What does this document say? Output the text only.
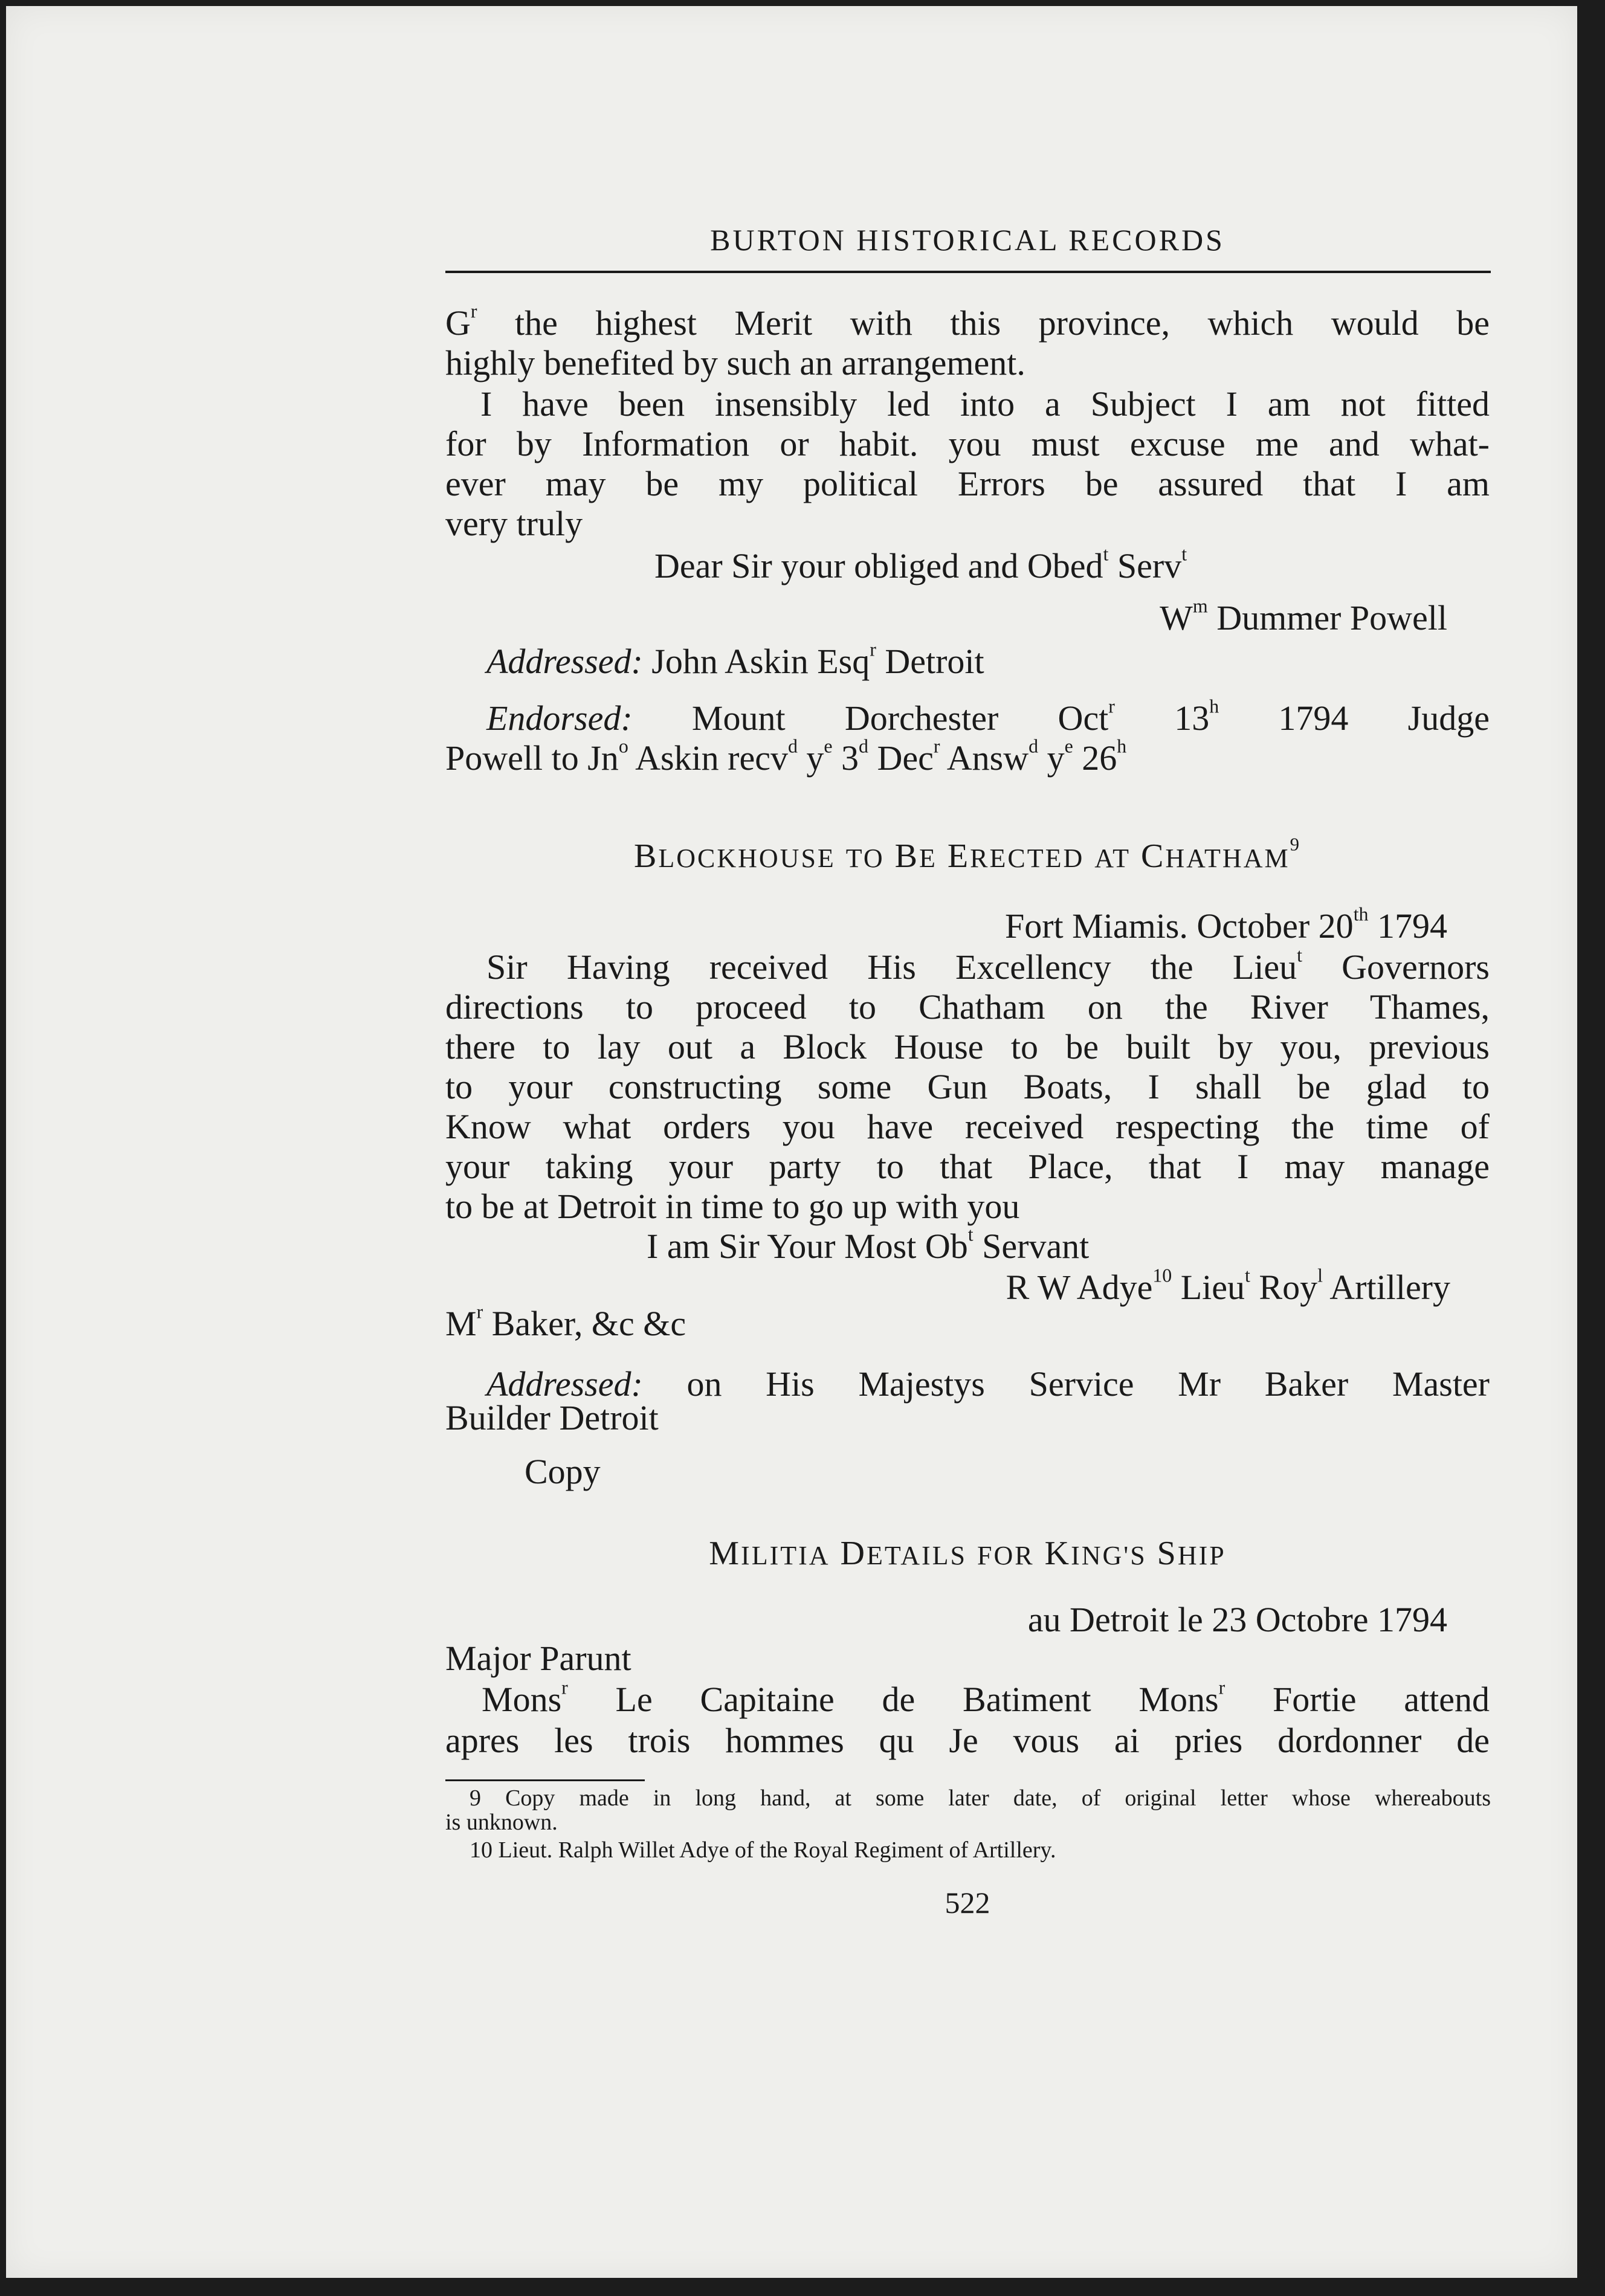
BURTON HISTORICAL RECORDS
$G^r$ the highest Merit with this province, which would be
highly benefited by such an arrangement.
I have been insensibly led into a Subject I am not fitted
for by Information or habit. you must excuse me and what-
ever may be my political Errors be assured that I am
very truly
Dear Sir your obliged and Obed$^t$ Serv$^t$
$W^m$ Dummer Powell
Addressed: John Askin Esq$^r$ Detroit
Endorsed: Mount Dorchester Oct$^r$ 13$^h$ 1794 Judge
Powell to Jn$^o$ Askin recv$^d$ $y^e$ 3$^d$ Dec$^r$ Answ$^d$ $y^e$ 26$^h$
BLOCKHOUSE TO BE ERECTED AT CHATHAM$^9$
Fort Miamis. October 20th 1794
Sir Having received His Excellency the Lieu$^t$ Governors
directions to proceed to Chatham on the River Thames,
there to lay out a Block House to be built by you, previous
to your constructing some Gun Boats, I shall be glad to
Know what orders you have received respecting the time of
your taking your party to that Place, that I may manage
to be at Detroit in time to go up with you
I am Sir Your Most Ob$^t$ Servant
R W Adye$^{10}$ Lieu$^t$ Roy$^l$ Artillery
$M^r$ Baker, &c &c
Addressed: on His Majestys Service Mr Baker Master
Builder Detroit
Copy
MILITIA DETAILS FOR KING'S SHIP
au Detroit le 23 Octobre 1794
Major Parunt
Mons$^r$ Le Capitaine de Batiment Mons$^r$ Fortie attend
apres les trois hommes qu Je vous ai pries dordonner de
9 Copy made in long hand, at some later date, of original letter whose whereabouts
is unknown.
10 Lieut. Ralph Willet Adye of the Royal Regiment of Artillery.
522
